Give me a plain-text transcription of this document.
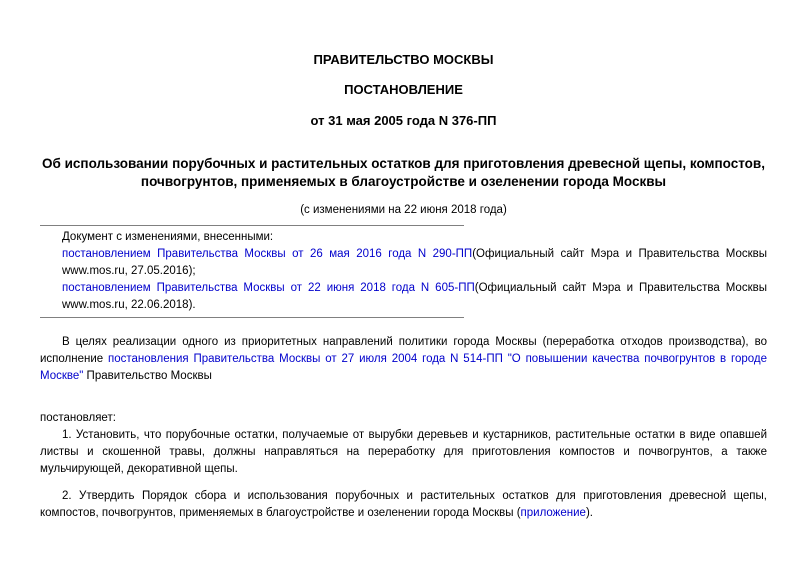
ПРАВИТЕЛЬСТВО МОСКВЫ
ПОСТАНОВЛЕНИЕ
от 31 мая 2005 года N 376-ПП
Об использовании порубочных и растительных остатков для приготовления древесной щепы, компостов,
почвогрунтов, применяемых в благоустройстве и озеленении города Москвы
(с изменениями на 22 июня 2018 года)
Документ с изменениями, внесенными:
постановлением Правительства Москвы от 26 мая 2016 года N 290-ПП(Официальный сайт Мэра и Правительства Москвы www.mos.ru, 27.05.2016);
постановлением Правительства Москвы от 22 июня 2018 года N 605-ПП(Официальный сайт Мэра и Правительства Москвы www.mos.ru, 22.06.2018).
В целях реализации одного из приоритетных направлений политики города Москвы (переработка отходов производства), во исполнение постановления Правительства Москвы от 27 июля 2004 года N 514-ПП "О повышении качества почвогрунтов в городе Москве" Правительство Москвы
постановляет:
1. Установить, что порубочные остатки, получаемые от вырубки деревьев и кустарников, растительные остатки в виде опавшей листвы и скошенной травы, должны направляться на переработку для приготовления компостов и почвогрунтов, а также мульчирующей, декоративной щепы.
2. Утвердить Порядок сбора и использования порубочных и растительных остатков для приготовления древесной щепы, компостов, почвогрунтов, применяемых в благоустройстве и озеленении города Москвы (приложение).
